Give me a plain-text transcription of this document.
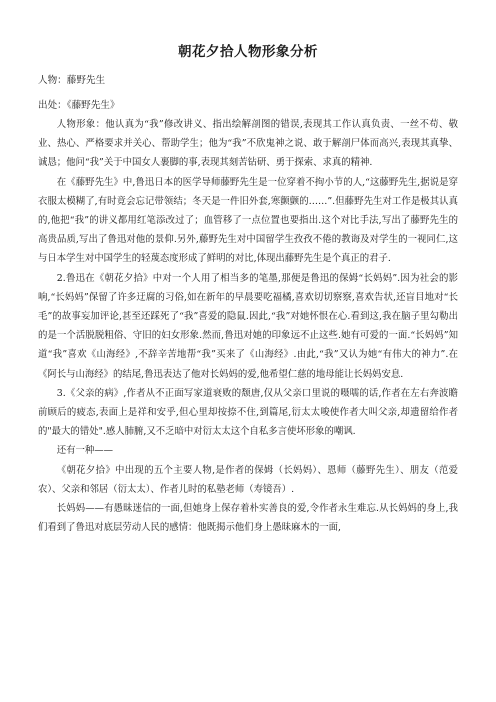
朝花夕拾人物形象分析
人物：藤野先生
出处：《藤野先生》

人物形象：他认真为“我”修改讲义、指出绘解剖图的错误,表现其工作认真负责、一丝不苟、敬业、热心、严格要求并关心、帮助学生；他为“我”不欣鬼神之说、敢于解剖尸体而高兴,表现其真挚、诚恳；他问“我”关于中国女人裹脚的事,表现其刻苦钻研、勇于探索、求真的精神.

在《藤野先生》中,鲁迅日本的医学导师藤野先生是一位穿着不拘小节的人,“这藤野先生,据说是穿衣服太模糊了,有时竟会忘记带领结；冬天是一件旧外套,寒颤颤的……”.但藤野先生对工作是极其认真的,他把“我”的讲义都用红笔添改过了；血管移了一点位置也要指出.这个对比手法,写出了藤野先生的高贵品质,写出了鲁迅对他的景仰.另外,藤野先生对中国留学生孜孜不倦的教诲及对学生的一视同仁,这与日本学生对中国学生的轻蔑态度形成了鲜明的对比,体现出藤野先生是个真正的君子.

2.鲁迅在《朝花夕拾》中对一个人用了相当多的笔墨,那便是鲁迅的保姆“长妈妈”.因为社会的影响,“长妈妈”保留了许多迂腐的习俗,如在新年的早晨要吃福橘,喜欢切切察察,喜欢告状,还盲目地对“长毛”的故事妄加评论,甚至还踩死了“我”喜爱的隐鼠.因此,“我”对她怀恨在心.看到这,我在脑子里勾勒出的是一个活脱脱粗俗、守旧的妇女形象.然而,鲁迅对她的印象远不止这些.她有可爱的一面.“长妈妈”知道“我”喜欢《山海经》,不辞辛苦地帮“我”买来了《山海经》.由此,“我”又认为她“有伟大的神力”.在《阿长与山海经》的结尾,鲁迅表达了他对长妈妈的爱,他希望仁慈的地母能让长妈妈安息.

3.《父亲的病》,作者从不正面写家道衰败的颓唐,仅从父亲口里说的嗫嚅的话,作者在左右奔波瞻前顾后的疲态,表面上是祥和安乎,但心里却按捺不住,到篇尾,衍太太唆使作者大叫父亲,却遗留给作者的"最大的错处".感人肺腑,又不乏暗中对衍太太这个自私多言使坏形象的嘲讽.

还有一种——

《朝花夕拾》中出现的五个主要人物,是作者的保姆（长妈妈）、恩师（藤野先生）、朋友（范爱农）、父亲和邻居（衍太太）、作者儿时的私塾老师（寿镜吾）.

长妈妈——有愚昧迷信的一面,但她身上保存着朴实善良的爱,令作者永生难忘.从长妈妈的身上,我们看到了鲁迅对底层劳动人民的感情：他既揭示他们身上愚昧麻木的一面,
